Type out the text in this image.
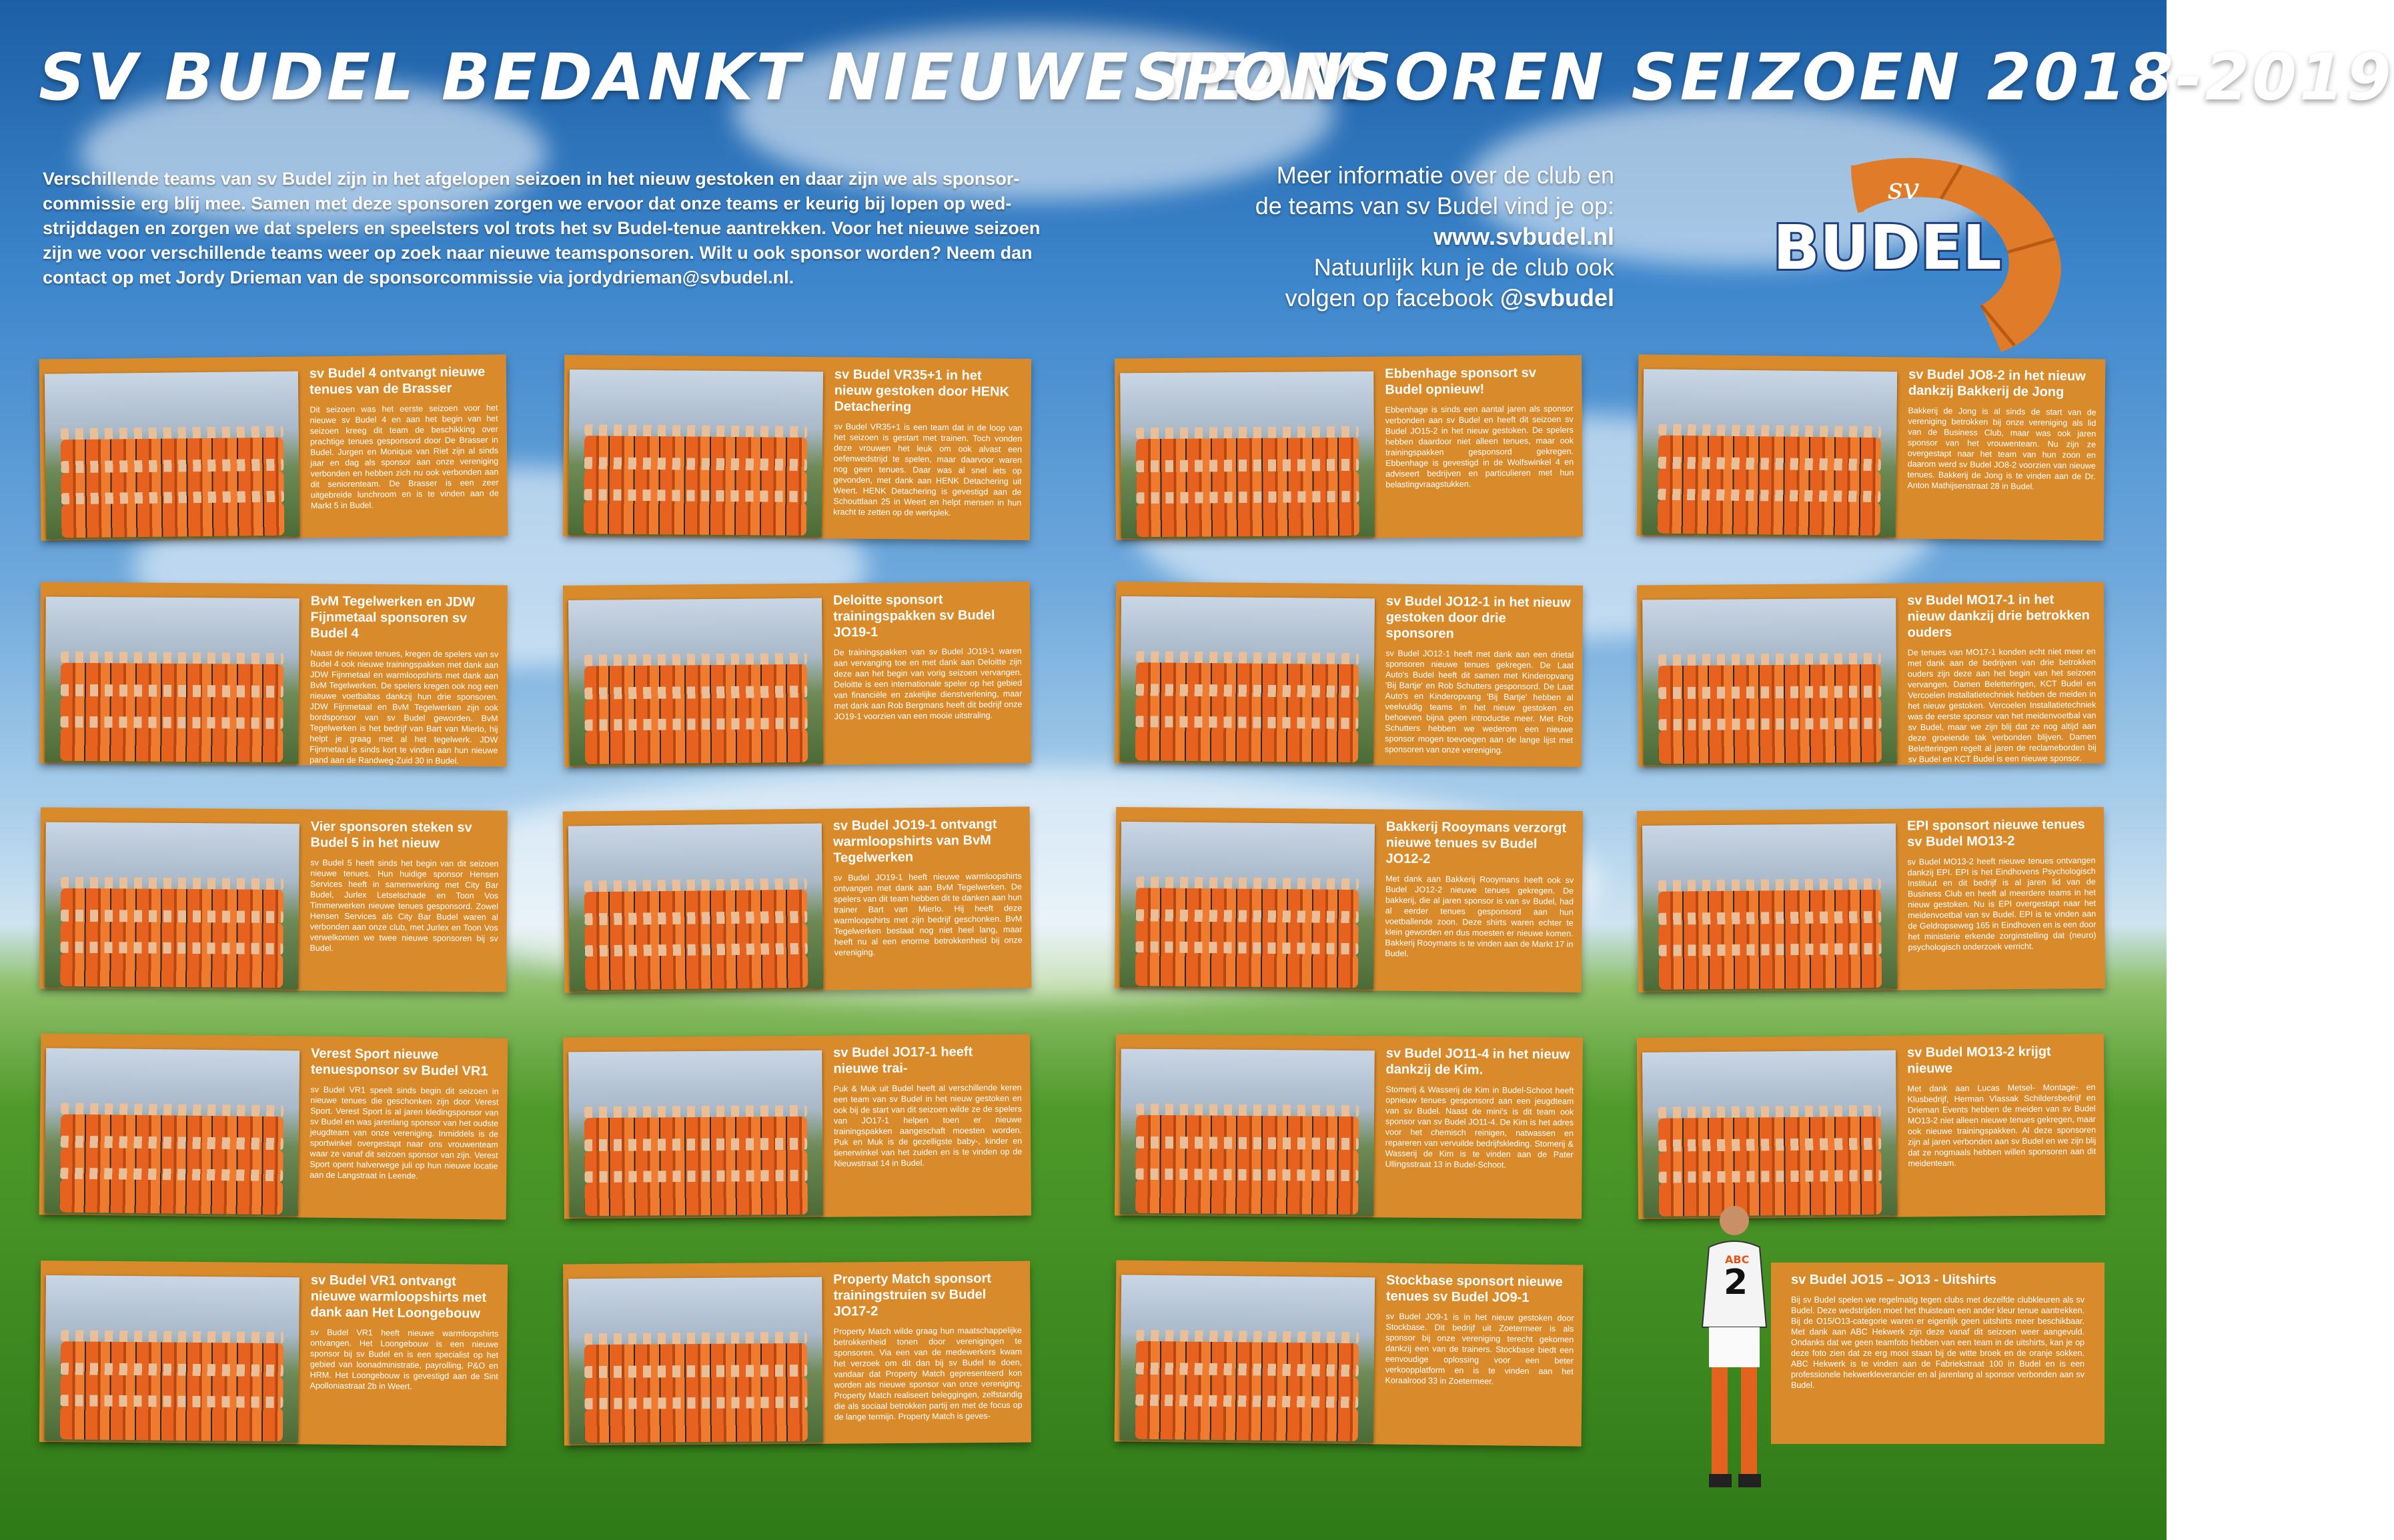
SV BUDEL BEDANKT NIEUWE TEAM
SPONSOREN SEIZOEN 2018-2019

Verschillende teams van sv Budel zijn in het afgelopen seizoen in het nieuw gestoken en daar zijn we als sponsor-commissie erg blij mee. Samen met deze sponsoren zorgen we ervoor dat onze teams er keurig bij lopen op wed-strijddagen en zorgen we dat spelers en speelsters vol trots het sv Budel-tenue aantrekken. Voor het nieuwe seizoen zijn we voor verschillende teams weer op zoek naar nieuwe teamsponsoren. Wilt u ook sponsor worden? Neem dan contact op met Jordy Drieman van de sponsorcommissie via jordydrieman@svbudel.nl.

Meer informatie over de club en
de teams van sv Budel vind je op:
www.svbudel.nl
Natuurlijk kun je de club ook
volgen op facebook @svbudel
sv
BUDEL

sv Budel 4 ontvangt nieuwe tenues van de Brasser

Dit seizoen was het eerste seizoen voor het nieuwe sv Budel 4 en aan het begin van het seizoen kreeg dit team de beschikking over prachtige tenues gesponsord door De Brasser in Budel. Jurgen en Monique van Riet zijn al sinds jaar en dag als sponsor aan onze vereniging verbonden en hebben zich nu ook verbonden aan dit seniorenteam. De Brasser is een zeer uitgebreide lunchroom en is te vinden aan de Markt 5 in Budel.

sv Budel VR35+1 in het nieuw gestoken door HENK Detachering

sv Budel VR35+1 is een team dat in de loop van het seizoen is gestart met trainen. Toch vonden deze vrouwen het leuk om ook alvast een oefenwedstrijd te spelen, maar daarvoor waren nog geen tenues. Daar was al snel iets op gevonden, met dank aan HENK Detachering uit Weert. HENK Detachering is gevestigd aan de Schouttlaan 25 in Weert en helpt mensen in hun kracht te zetten op de werkplek.

Ebbenhage sponsort sv Budel opnieuw!

Ebbenhage is sinds een aantal jaren als sponsor verbonden aan sv Budel en heeft dit seizoen sv Budel JO15-2 in het nieuw gestoken. De spelers hebben daardoor niet alleen tenues, maar ook trainingspakken gesponsord gekregen. Ebbenhage is gevestigd in de Wolfswinkel 4 en adviseert bedrijven en particulieren met hun belastingvraagstukken.

sv Budel JO8-2 in het nieuw dankzij Bakkerij de Jong

Bakkerij de Jong is al sinds de start van de vereniging betrokken bij onze vereniging als lid van de Business Club, maar was ook jaren sponsor van het vrouwenteam. Nu zijn ze overgestapt naar het team van hun zoon en daarom werd sv Budel JO8-2 voorzien van nieuwe tenues. Bakkerij de Jong is te vinden aan de Dr. Anton Mathijsenstraat 28 in Budel.

BvM Tegelwerken en JDW Fijnmetaal sponsoren sv Budel 4

Naast de nieuwe tenues, kregen de spelers van sv Budel 4 ook nieuwe trainingspakken met dank aan JDW Fijnmetaal en warmloopshirts met dank aan BvM Tegelwerken. De spelers kregen ook nog een nieuwe voetbaltas dankzij hun drie sponsoren. JDW Fijnmetaal en BvM Tegelwerken zijn ook bordsponsor van sv Budel geworden. BvM Tegelwerken is het bedrijf van Bart van Mierlo, hij helpt je graag met al het tegelwerk. JDW Fijnmetaal is sinds kort te vinden aan hun nieuwe pand aan de Randweg-Zuid 30 in Budel.

Deloitte sponsort trainingspakken sv Budel JO19-1

De trainingspakken van sv Budel JO19-1 waren aan vervanging toe en met dank aan Deloitte zijn deze aan het begin van vorig seizoen vervangen. Deloitte is een internationale speler op het gebied van financiële en zakelijke dienstverlening, maar met dank aan Rob Bergmans heeft dit bedrijf onze JO19-1 voorzien van een mooie uitstraling.

sv Budel JO12-1 in het nieuw gestoken door drie sponsoren

sv Budel JO12-1 heeft met dank aan een drietal sponsoren nieuwe tenues gekregen. De Laat Auto's Budel heeft dit samen met Kinderopvang 'Bij Bartje' en Rob Schutters gesponsord. De Laat Auto's en Kinderopvang 'Bij Bartje' hebben al veelvuldig teams in het nieuw gestoken en behoeven bijna geen introductie meer. Met Rob Schutters hebben we wederom een nieuwe sponsor mogen toevoegen aan de lange lijst met sponsoren van onze vereniging.

sv Budel MO17-1 in het nieuw dankzij drie betrokken ouders

De tenues van MO17-1 konden echt niet meer en met dank aan de bedrijven van drie betrokken ouders zijn deze aan het begin van het seizoen vervangen. Damen Beletteringen, KCT Budel en Vercoelen Installatietechniek hebben de meiden in het nieuw gestoken. Vercoelen Installatietechniek was de eerste sponsor van het meidenvoetbal van sv Budel, maar we zijn blij dat ze nog altijd aan deze groeiende tak verbonden blijven. Damen Beletteringen regelt al jaren de reclameborden bij sv Budel en KCT Budel is een nieuwe sponsor.

Vier sponsoren steken sv Budel 5 in het nieuw

sv Budel 5 heeft sinds het begin van dit seizoen nieuwe tenues. Hun huidige sponsor Hensen Services heeft in samenwerking met City Bar Budel, Jurlex Letselschade en Toon Vos Timmerwerken nieuwe tenues gesponsord. Zowel Hensen Services als City Bar Budel waren al verbonden aan onze club, met Jurlex en Toon Vos verwelkomen we twee nieuwe sponsoren bij sv Budel.

sv Budel JO19-1 ontvangt warmloopshirts van BvM Tegelwerken

sv Budel JO19-1 heeft nieuwe warmloopshirts ontvangen met dank aan BvM Tegelwerken. De spelers van dit team hebben dit te danken aan hun trainer Bart van Mierlo. Hij heeft deze warmloopshirts met zijn bedrijf geschonken. BvM Tegelwerken bestaat nog niet heel lang, maar heeft nu al een enorme betrokkenheid bij onze vereniging.

Bakkerij Rooymans verzorgt nieuwe tenues sv Budel JO12-2

Met dank aan Bakkerij Rooymans heeft ook sv Budel JO12-2 nieuwe tenues gekregen. De bakkerij, die al jaren sponsor is van sv Budel, had al eerder tenues gesponsord aan hun voetballende zoon. Deze shirts waren echter te klein geworden en dus moesten er nieuwe komen. Bakkerij Rooymans is te vinden aan de Markt 17 in Budel.

EPI sponsort nieuwe tenues sv Budel MO13-2

sv Budel MO13-2 heeft nieuwe tenues ontvangen dankzij EPI. EPI is het Eindhovens Psychologisch Instituut en dit bedrijf is al jaren lid van de Business Club en heeft al meerdere teams in het nieuw gestoken. Nu is EPI overgestapt naar het meidenvoetbal van sv Budel. EPI is te vinden aan de Geldropseweg 165 in Eindhoven en is een door het ministerie erkende zorginstelling dat (neuro) psychologisch onderzoek verricht.

Verest Sport nieuwe tenuesponsor sv Budel VR1

sv Budel VR1 speelt sinds begin dit seizoen in nieuwe tenues die geschonken zijn door Verest Sport. Verest Sport is al jaren kledingsponsor van sv Budel en was jarenlang sponsor van het oudste jeugdteam van onze vereniging. Inmiddels is de sportwinkel overgestapt naar ons vrouwenteam waar ze vanaf dit seizoen sponsor van zijn. Verest Sport opent halverwege juli op hun nieuwe locatie aan de Langstraat in Leende.

sv Budel JO17-1 heeft nieuwe trai-

Puk & Muk uit Budel heeft al verschillende keren een team van sv Budel in het nieuw gestoken en ook bij de start van dit seizoen wilde ze de spelers van JO17-1 helpen toen er nieuwe trainingspakken aangeschaft moesten worden. Puk en Muk is de gezelligste baby-, kinder en tienerwinkel van het zuiden en is te vinden op de Nieuwstraat 14 in Budel.

sv Budel JO11-4 in het nieuw dankzij de Kim.

Stomerij & Wasserij de Kim in Budel-Schoot heeft opnieuw tenues gesponsord aan een jeugdteam van sv Budel. Naast de mini's is dit team ook sponsor van sv Budel JO11-4. De Kim is het adres voor het chemisch reinigen, natwassen en repareren van vervuilde bedrijfskleding. Stomerij & Wasserij de Kim is te vinden aan de Pater Ullingsstraat 13 in Budel-Schoot.

sv Budel MO13-2 krijgt nieuwe

Met dank aan Lucas Metsel- Montage- en Klusbedrijf, Herman Vlassak Schildersbedrijf en Drieman Events hebben de meiden van sv Budel MO13-2 niet alleen nieuwe tenues gekregen, maar ook nieuwe trainingspakken. Al deze sponsoren zijn al jaren verbonden aan sv Budel en we zijn blij dat ze nogmaals hebben willen sponsoren aan dit meidenteam.

sv Budel VR1 ontvangt nieuwe warmloopshirts met dank aan Het Loongebouw

sv Budel VR1 heeft nieuwe warmloopshirts ontvangen. Het Loongebouw is een nieuwe sponsor bij sv Budel en is een specialist op het gebied van loonadministratie, payrolling, P&O en HRM. Het Loongebouw is gevestigd aan de Sint Apolloniastraat 2b in Weert.

Property Match sponsort trainingstruien sv Budel JO17-2

Property Match wilde graag hun maatschappelijke betrokkenheid tonen door verenigingen te sponsoren. Via een van de medewerkers kwam het verzoek om dit dan bij sv Budel te doen, vandaar dat Property Match gepresenteerd kon worden als nieuwe sponsor van onze vereniging. Property Match realiseert beleggingen, zelfstandig die als sociaal betrokken partij en met de focus op de lange termijn. Property Match is geves-

Stockbase sponsort nieuwe tenues sv Budel JO9-1

sv Budel JO9-1 is in het nieuw gestoken door Stockbase. Dit bedrijf uit Zoetermeer is als sponsor bij onze vereniging terecht gekomen dankzij een van de trainers. Stockbase biedt een eenvoudige oplossing voor een beter verkoopplatform en is te vinden aan het Koraalrood 33 in Zoetermeer.

sv Budel JO15 – JO13 - Uitshirts

Bij sv Budel spelen we regelmatig tegen clubs met dezelfde clubkleuren als sv Budel. Deze wedstrijden moet het thuisteam een ander kleur tenue aantrekken. Bij de O15/O13-categorie waren er eigenlijk geen uitshirts meer beschikbaar. Met dank aan ABC Hekwerk zijn deze vanaf dit seizoen weer aangevuld. Ondanks dat we geen teamfoto hebben van een team in de uitshirts, kan je op deze foto zien dat ze erg mooi staan bij de witte broek en de oranje sokken. ABC Hekwerk is te vinden aan de Fabriekstraat 100 in Budel en is een professionele hekwerkleverancier en al jarenlang al sponsor verbonden aan sv Budel.

2
ABC
